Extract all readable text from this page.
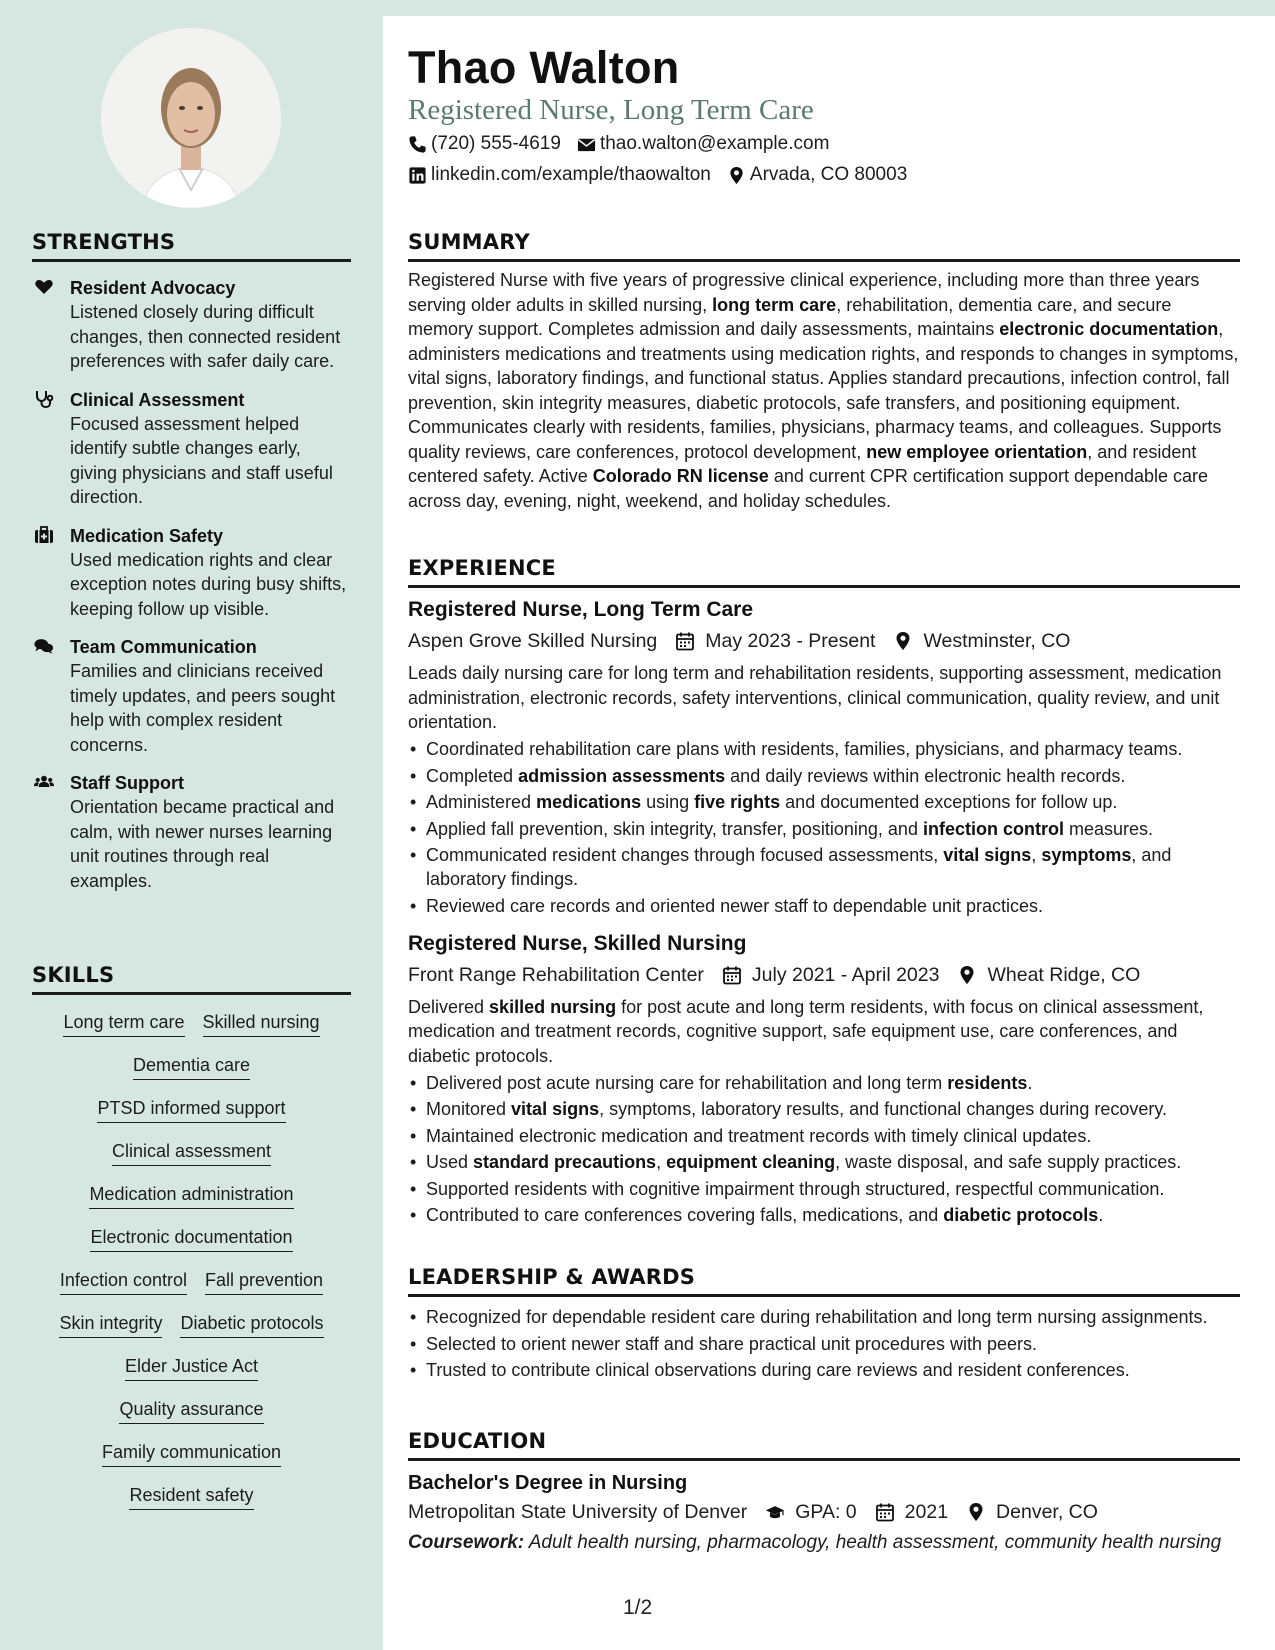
STRENGTHS
Resident Advocacy
Listened closely during difficult changes, then connected resident preferences with safer daily care.
Clinical Assessment
Focused assessment helped identify subtle changes early, giving physicians and staff useful direction.
Medication Safety
Used medication rights and clear exception notes during busy shifts, keeping follow up visible.
Team Communication
Families and clinicians received timely updates, and peers sought help with complex resident concerns.
Staff Support
Orientation became practical and calm, with newer nurses learning unit routines through real examples.
SKILLS
Long term care Skilled nursing
Dementia care
PTSD informed support
Clinical assessment
Medication administration
Electronic documentation
Infection control Fall prevention
Skin integrity Diabetic protocols
Elder Justice Act
Quality assurance
Family communication
Resident safety
Thao Walton
Registered Nurse, Long Term Care
(720) 555-4619 thao.walton@example.com
linkedin.com/example/thaowalton Arvada, CO 80003
SUMMARY
Registered Nurse with five years of progressive clinical experience, including more than three years serving older adults in skilled nursing, long term care, rehabilitation, dementia care, and secure memory support. Completes admission and daily assessments, maintains electronic documentation, administers medications and treatments using medication rights, and responds to changes in symptoms, vital signs, laboratory findings, and functional status. Applies standard precautions, infection control, fall prevention, skin integrity measures, diabetic protocols, safe transfers, and positioning equipment. Communicates clearly with residents, families, physicians, pharmacy teams, and colleagues. Supports quality reviews, care conferences, protocol development, new employee orientation, and resident centered safety. Active Colorado RN license and current CPR certification support dependable care across day, evening, night, weekend, and holiday schedules.
EXPERIENCE
Registered Nurse, Long Term Care
Aspen Grove Skilled Nursing May 2023 - Present Westminster, CO
Leads daily nursing care for long term and rehabilitation residents, supporting assessment, medication administration, electronic records, safety interventions, clinical communication, quality review, and unit orientation.
• Coordinated rehabilitation care plans with residents, families, physicians, and pharmacy teams.
• Completed admission assessments and daily reviews within electronic health records.
• Administered medications using five rights and documented exceptions for follow up.
• Applied fall prevention, skin integrity, transfer, positioning, and infection control measures.
• Communicated resident changes through focused assessments, vital signs, symptoms, and laboratory findings.
• Reviewed care records and oriented newer staff to dependable unit practices.
Registered Nurse, Skilled Nursing
Front Range Rehabilitation Center July 2021 - April 2023 Wheat Ridge, CO
Delivered skilled nursing for post acute and long term residents, with focus on clinical assessment, medication and treatment records, cognitive support, safe equipment use, care conferences, and diabetic protocols.
• Delivered post acute nursing care for rehabilitation and long term residents.
• Monitored vital signs, symptoms, laboratory results, and functional changes during recovery.
• Maintained electronic medication and treatment records with timely clinical updates.
• Used standard precautions, equipment cleaning, waste disposal, and safe supply practices.
• Supported residents with cognitive impairment through structured, respectful communication.
• Contributed to care conferences covering falls, medications, and diabetic protocols.
LEADERSHIP & AWARDS
• Recognized for dependable resident care during rehabilitation and long term nursing assignments.
• Selected to orient newer staff and share practical unit procedures with peers.
• Trusted to contribute clinical observations during care reviews and resident conferences.
EDUCATION
Bachelor's Degree in Nursing
Metropolitan State University of Denver GPA: 0 2021 Denver, CO
Coursework: Adult health nursing, pharmacology, health assessment, community health nursing
1/2
